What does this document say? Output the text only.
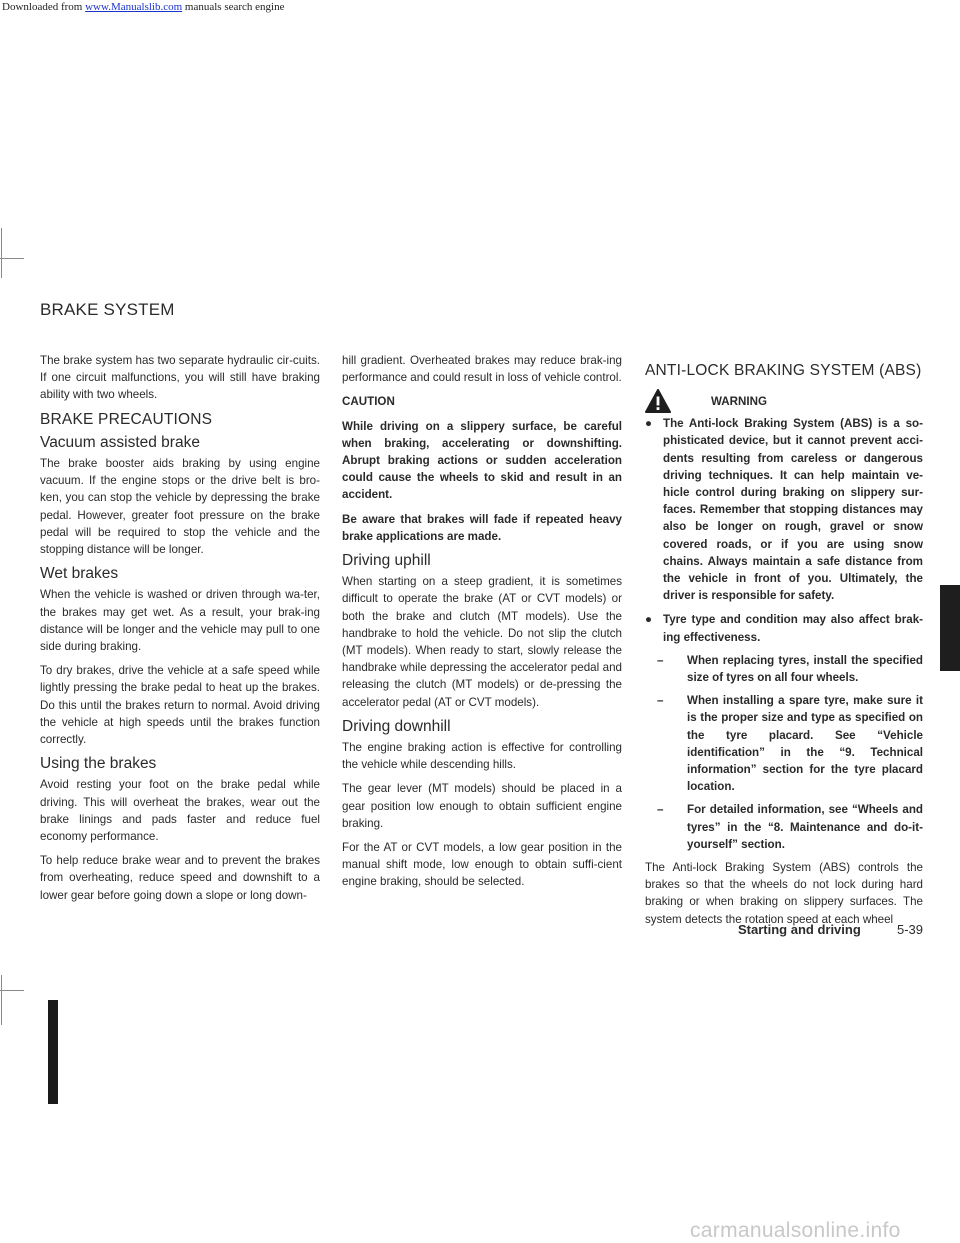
Downloaded from www.Manualslib.com manuals search engine
BRAKE SYSTEM

The brake system has two separate hydraulic cir-cuits. If one circuit malfunctions, you will still have braking ability with two wheels.

BRAKE PRECAUTIONS
Vacuum assisted brake

The brake booster aids braking by using engine vacuum. If the engine stops or the drive belt is bro-ken, you can stop the vehicle by depressing the brake pedal. However, greater foot pressure on the brake pedal will be required to stop the vehicle and the stopping distance will be longer.

Wet brakes

When the vehicle is washed or driven through wa-ter, the brakes may get wet. As a result, your brak-ing distance will be longer and the vehicle may pull to one side during braking.

To dry brakes, drive the vehicle at a safe speed while lightly pressing the brake pedal to heat up the brakes. Do this until the brakes return to normal. Avoid driving the vehicle at high speeds until the brakes function correctly.

Using the brakes

Avoid resting your foot on the brake pedal while driving. This will overheat the brakes, wear out the brake linings and pads faster and reduce fuel economy performance.

To help reduce brake wear and to prevent the brakes from overheating, reduce speed and downshift to a lower gear before going down a slope or long down-

hill gradient. Overheated brakes may reduce brak-ing performance and could result in loss of vehicle control.

CAUTION

While driving on a slippery surface, be careful when braking, accelerating or downshifting. Abrupt braking actions or sudden acceleration could cause the wheels to skid and result in an accident.

Be aware that brakes will fade if repeated heavy brake applications are made.

Driving uphill

When starting on a steep gradient, it is sometimes difficult to operate the brake (AT or CVT models) or both the brake and clutch (MT models). Use the handbrake to hold the vehicle. Do not slip the clutch (MT models). When ready to start, slowly release the handbrake while depressing the accelerator pedal and releasing the clutch (MT models) or de-pressing the accelerator pedal (AT or CVT models).

Driving downhill

The engine braking action is effective for controlling the vehicle while descending hills.

The gear lever (MT models) should be placed in a gear position low enough to obtain sufficient engine braking.

For the AT or CVT models, a low gear position in the manual shift mode, low enough to obtain suffi-cient engine braking, should be selected.

ANTI-LOCK BRAKING SYSTEM (ABS)
WARNING
● The Anti-lock Braking System (ABS) is a so-phisticated device, but it cannot prevent acci-dents resulting from careless or dangerous driving techniques. It can help maintain ve-hicle control during braking on slippery sur-faces. Remember that stopping distances may also be longer on rough, gravel or snow covered roads, or if you are using snow chains. Always maintain a safe distance from the vehicle in front of you. Ultimately, the driver is responsible for safety.
● Tyre type and condition may also affect brak-ing effectiveness.
– When replacing tyres, install the specified size of tyres on all four wheels.
– When installing a spare tyre, make sure it is the proper size and type as specified on the tyre placard. See “Vehicle identification” in the “9. Technical information” section for the tyre placard location.
– For detailed information, see “Wheels and tyres” in the “8. Maintenance and do-it-yourself” section.

The Anti-lock Braking System (ABS) controls the brakes so that the wheels do not lock during hard braking or when braking on slippery surfaces. The system detects the rotation speed at each wheel

Starting and driving	5-39
carmanualsonline.info
